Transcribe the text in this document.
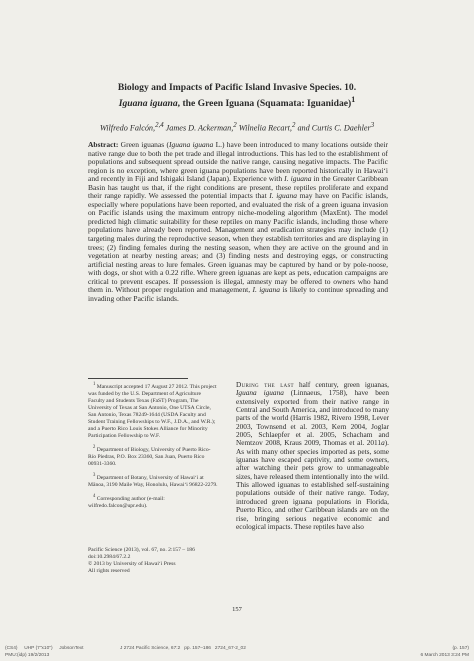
Biology and Impacts of Pacific Island Invasive Species. 10.
Iguana iguana, the Green Iguana (Squamata: Iguanidae)$^1$
Wilfredo Falcón,$^{2,4}$ James D. Ackerman,$^2$ Wilnelia Recart,$^2$ and Curtis C. Daehler$^3$
Abstract: Green iguanas (Iguana iguana L.) have been introduced to many locations outside their native range due to both the pet trade and illegal introductions. This has led to the establishment of populations and subsequent spread outside the native range, causing negative impacts. The Pacific region is no exception, where green iguana populations have been reported historically in Hawai‘i and recently in Fiji and Ishigaki Island (Japan). Experience with I. iguana in the Greater Caribbean Basin has taught us that, if the right conditions are present, these reptiles proliferate and expand their range rapidly. We assessed the potential impacts that I. iguana may have on Pacific islands, especially where populations have been reported, and evaluated the risk of a green iguana invasion on Pacific islands using the maximum entropy niche-modeling algorithm (MaxEnt). The model predicted high climatic suitability for these reptiles on many Pacific islands, including those where populations have already been reported. Management and eradication strategies may include (1) targeting males during the reproductive season, when they establish territories and are displaying in trees; (2) finding females during the nesting season, when they are active on the ground and in vegetation at nearby nesting areas; and (3) finding nests and destroying eggs, or constructing artificial nesting areas to lure females. Green iguanas may be captured by hand or by pole-noose, with dogs, or shot with a 0.22 rifle. Where green iguanas are kept as pets, education campaigns are critical to prevent escapes. If possession is illegal, amnesty may be offered to owners who hand them in. Without proper regulation and management, I. iguana is likely to continue spreading and invading other Pacific islands.

$^1$ Manuscript accepted 17 August 27 2012. This project was funded by the U.S. Department of Agriculture Faculty and Students Texas (FaST) Program, The University of Texas at San Antonio, One UTSA Circle, San Antonio, Texas 78249-1644 (USDA Faculty and Student Training Fellowships to W.F., J.D.A., and W.R.); and a Puerto Rico Louis Stokes Alliance for Minority Participation Fellowship to W.F.

$^2$ Department of Biology, University of Puerto Rico-Río Piedras, P.O. Box 23360, San Juan, Puerto Rico 00931-3360.

$^3$ Department of Botany, University of Hawai‘i at Mānoa, 3190 Maile Way, Honolulu, Hawai‘i 96822-2279.

$^4$ Corresponding author (e-mail: wilfredo.falcon@upr.edu).

Pacific Science (2013), vol. 67, no. 2:157 – 186
doi:10.2984/67.2.2
© 2013 by University of Hawai‘i Press
All rights reserved
During the last half century, green iguanas, Iguana iguana (Linnaeus, 1758), have been extensively exported from their native range in Central and South America, and introduced to many parts of the world (Harris 1982, Rivero 1998, Lever 2003, Townsend et al. 2003, Kern 2004, Joglar 2005, Schlaepfer et al. 2005, Schacham and Nemtzov 2008, Kraus 2009, Thomas et al. 2011a). As with many other species imported as pets, some iguanas have escaped captivity, and some owners, after watching their pets grow to unmanageable sizes, have released them intentionally into the wild. This allowed iguanas to established self-sustaining populations outside of their native range. Today, introduced green iguana populations in Florida, Puerto Rico, and other Caribbean islands are on the rise, bringing serious negative economic and ecological impacts. These reptiles have also
157
(CS4)     UHP (7"x10")     JobsonText	J 2724 Pacific Science, 67:2   pp. 157–186   2724_67-2_02	(p. 157)
PMU:(idp) 19/2/2013	6 March 2013 3:24 PM
